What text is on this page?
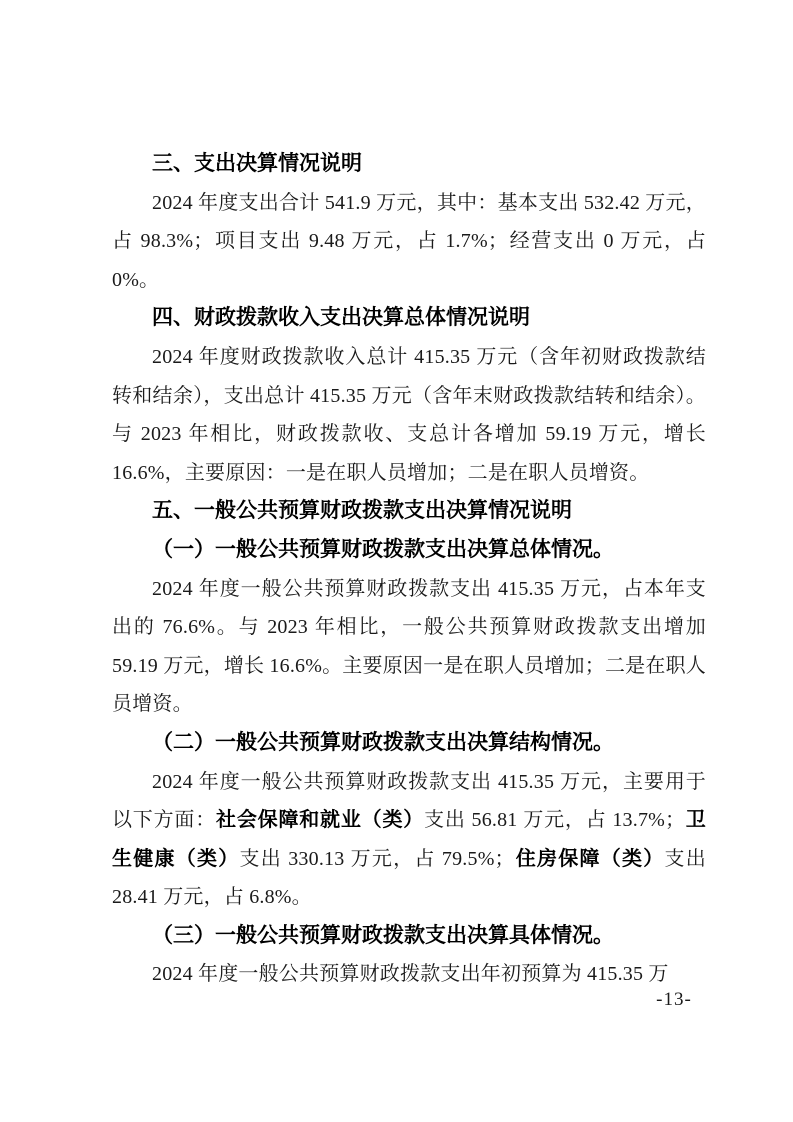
三、支出决算情况说明

2024 年度支出合计 541.9 万元，其中：基本支出 532.42 万元，占 98.3%；项目支出 9.48 万元，占 1.7%；经营支出 0 万元，占 0%。

四、财政拨款收入支出决算总体情况说明

2024 年度财政拨款收入总计 415.35 万元（含年初财政拨款结转和结余），支出总计 415.35 万元（含年末财政拨款结转和结余）。与 2023 年相比，财政拨款收、支总计各增加 59.19 万元，增长 16.6%，主要原因：一是在职人员增加；二是在职人员增资。

五、一般公共预算财政拨款支出决算情况说明
（一）一般公共预算财政拨款支出决算总体情况。

2024 年度一般公共预算财政拨款支出 415.35 万元，占本年支出的 76.6%。与 2023 年相比，一般公共预算财政拨款支出增加 59.19 万元，增长 16.6%。主要原因一是在职人员增加；二是在职人员增资。

（二）一般公共预算财政拨款支出决算结构情况。

2024 年度一般公共预算财政拨款支出 415.35 万元，主要用于以下方面：社会保障和就业（类）支出 56.81 万元，占 13.7%；卫生健康（类）支出 330.13 万元，占 79.5%；住房保障（类）支出 28.41 万元，占 6.8%。

（三）一般公共预算财政拨款支出决算具体情况。

2024 年度一般公共预算财政拨款支出年初预算为 415.35 万

-13-
